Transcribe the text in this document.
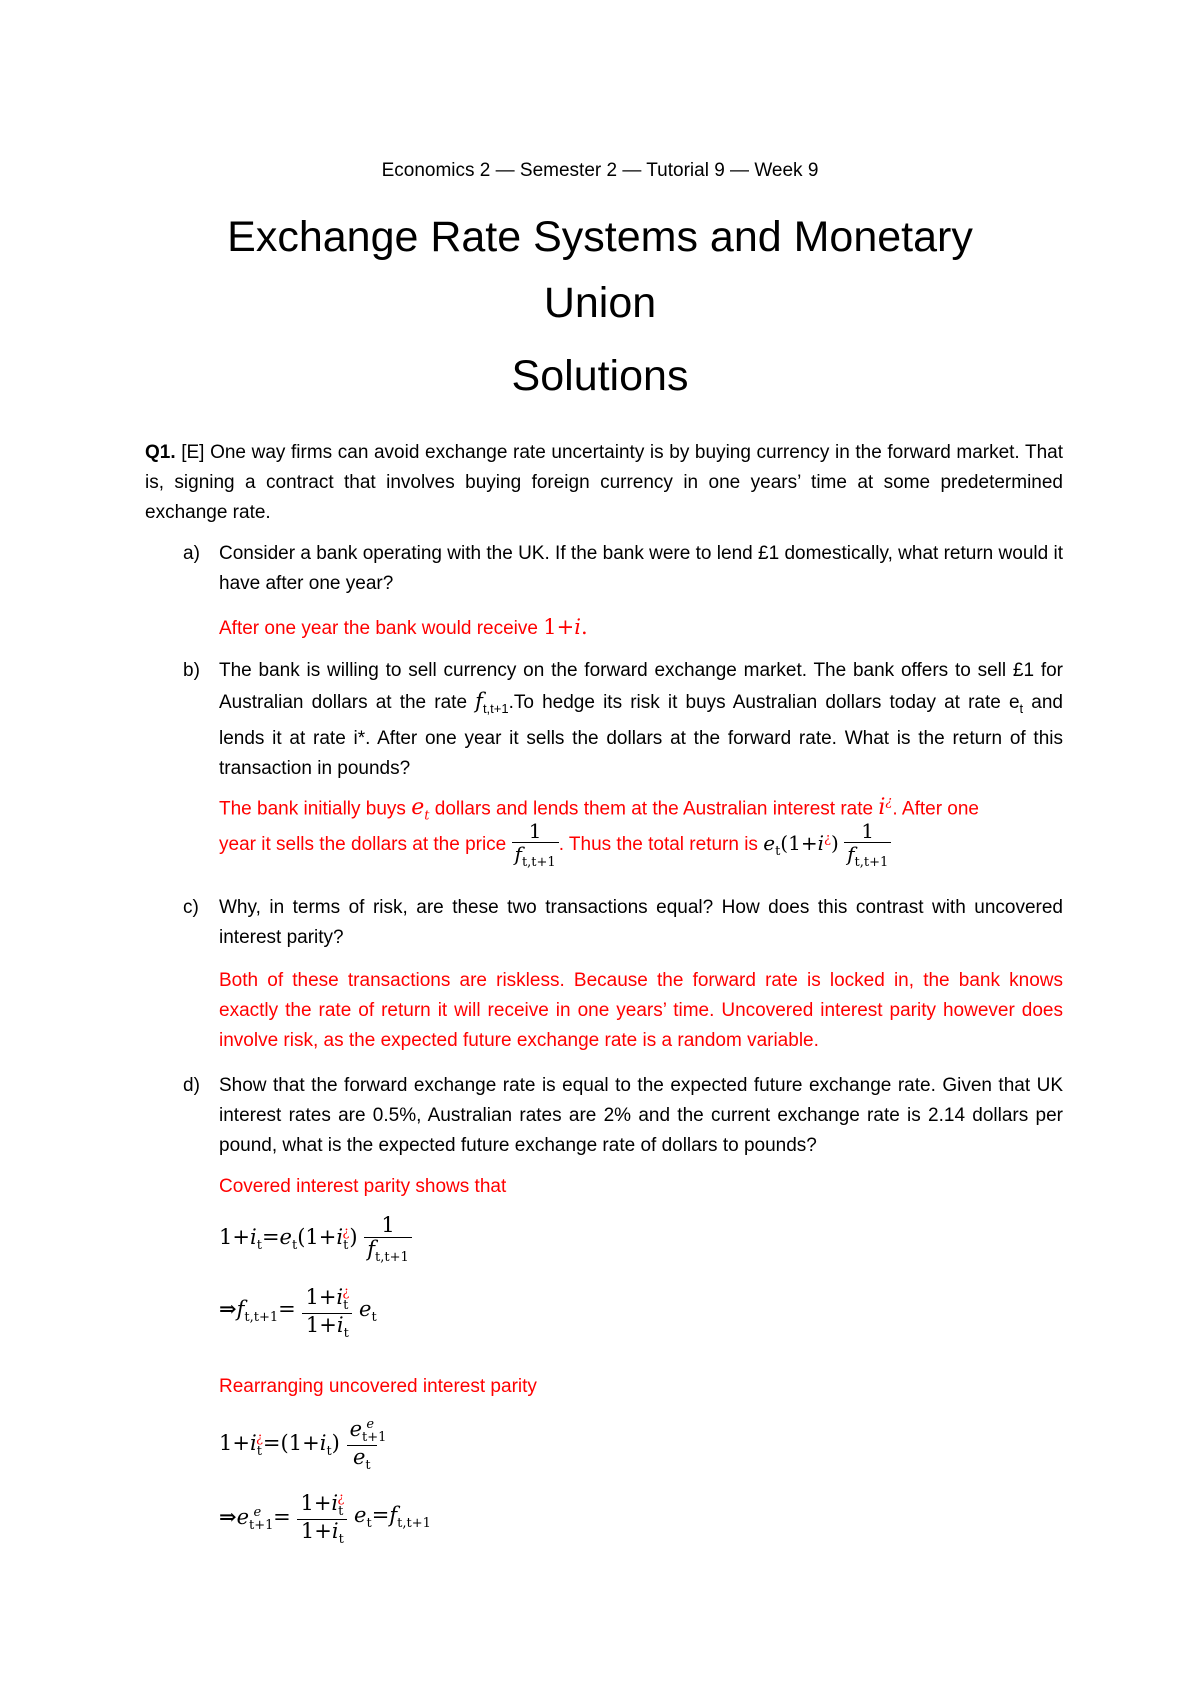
Economics 2 — Semester 2 — Tutorial 9 — Week 9
Exchange Rate Systems and Monetary
Union
Solutions
Q1. [E] One way firms can avoid exchange rate uncertainty is by buying currency in the forward market. That is, signing a contract that involves buying foreign currency in one years’ time at some predetermined exchange rate.
a)	Consider a bank operating with the UK. If the bank were to lend £1 domestically, what return would it have after one year?
After one year the bank would receive 1+i.
b)	The bank is willing to sell currency on the forward exchange market. The bank offers to sell £1 for Australian dollars at the rate $f_{t,t+1}.To$ hedge its risk it buys Australian dollars today at rate $e_t$ and lends it at rate i*. After one year it sells the dollars at the forward rate. What is the return of this transaction in pounds?
The bank initially buys $e_t$ dollars and lends them at the Australian interest rate i¿. After one
year it sells the dollars at the price $\frac{1}{f_{t,t+1}}$ . Thus the total return is $e_t(1+i^¿) \frac{1}{f_{t,t+1}}$
c)	Why, in terms of risk, are these two transactions equal? How does this contrast with uncovered interest parity?
Both of these transactions are riskless. Because the forward rate is locked in, the bank knows exactly the rate of return it will receive in one years’ time. Uncovered interest parity however does involve risk, as the expected future exchange rate is a random variable.
d)	Show that the forward exchange rate is equal to the expected future exchange rate. Given that UK interest rates are 0.5%, Australian rates are 2% and the current exchange rate is 2.14 dollars per pound, what is the expected future exchange rate of dollars to pounds?
Covered interest parity shows that
$1+i_t=e_t(1+i_t^¿) \frac{1}{f_{t,t+1}}$
$\Rightarrow f_{t,t+1}= \frac{1+i_t^¿}{1+i_t} e_t$
Rearranging uncovered interest parity
$1+i_t^¿=(1+i_t) \frac{e_{t+1}^e}{e_t}$
$\Rightarrow e_{t+1}^e = \frac{1+i_t^¿}{1+i_t} e_t=f_{t,t+1}$
